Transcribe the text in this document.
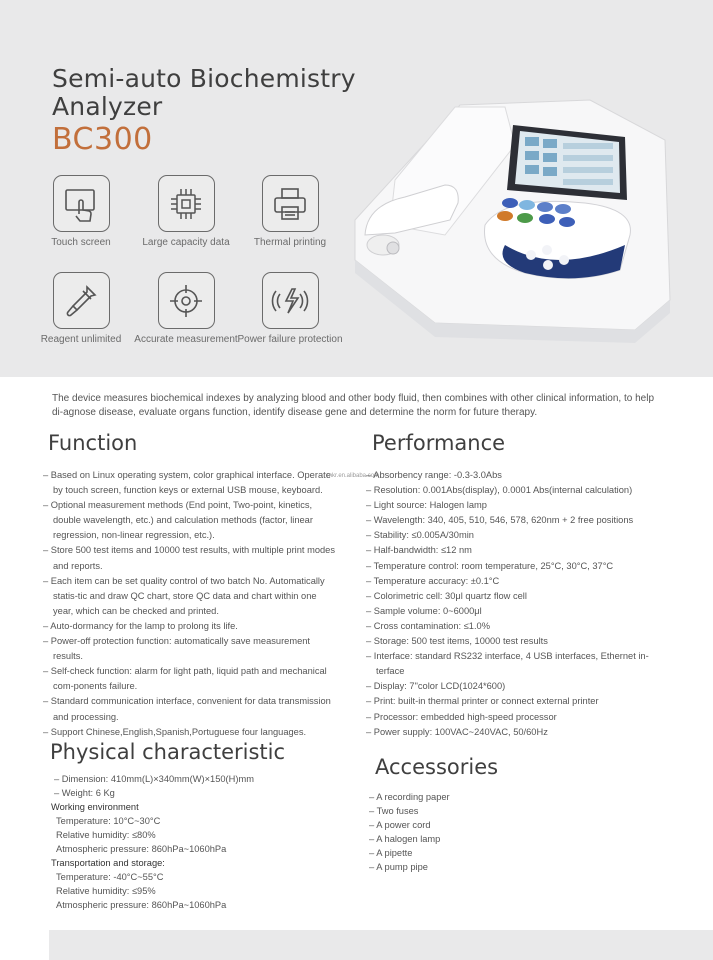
Semi-auto Biochemistry
Analyzer
BC300
Touch screen	Large capacity data	Thermal printing
Reagent unlimited	Accurate measurement Power failure protection
The device measures biochemical indexes by analyzing blood and other body fluid, then combines with other clinical information, to help di-agnose disease, evaluate organs function, identify disease gene and determine the norm for future therapy.
Function
– Based on Linux operating system, color graphical interface. Operate by touch screen, function keys or external USB mouse, keyboard.
– Optional measurement methods (End point, Two-point, kinetics, double wavelength, etc.) and calculation methods (factor, linear regression, non-linear regression, etc.).
– Store 500 test items and 10000 test results, with multiple print modes and reports.
– Each item can be set quality control of two batch No. Automatically statis-tic and draw QC chart, store QC data and chart within one year, which can be checked and printed.
– Auto-dormancy for the lamp to prolong its life.
– Power-off protection function: automatically save measurement results.
– Self-check function: alarm for light path, liquid path and mechanical com-ponents failure.
– Standard communication interface, convenient for data transmission and processing.
– Support Chinese,English,Spanish,Portuguese four languages.
mkr.en.alibaba.com
Performance
– Absorbency range: -0.3-3.0Abs
– Resolution: 0.001Abs(display), 0.0001 Abs(internal calculation)
– Light source: Halogen lamp
– Wavelength: 340, 405, 510, 546, 578, 620nm + 2 free positions
– Stability: ≤0.005A/30min
– Half-bandwidth: ≤12 nm
– Temperature control: room temperature, 25°C, 30°C, 37°C
– Temperature accuracy: ±0.1°C
– Colorimetric cell: 30μl quartz flow cell
– Sample volume: 0~6000μl
– Cross contamination: ≤1.0%
– Storage: 500 test items, 10000 test results
– Interface: standard RS232 interface, 4 USB interfaces, Ethernet in-terface
– Display: 7"color LCD(1024*600)
– Print: built-in thermal printer or connect external printer
– Processor: embedded high-speed processor
– Power supply: 100VAC~240VAC, 50/60Hz
Physical characteristic
– Dimension: 410mm(L)×340mm(W)×150(H)mm
– Weight: 6 Kg
Working environment
Temperature: 10°C~30°C
Relative humidity: ≤80%
Atmospheric pressure: 860hPa~1060hPa
Transportation and storage:
Temperature: -40°C~55°C
Relative humidity: ≤95%
Atmospheric pressure: 860hPa~1060hPa
Accessories
– A recording paper
– Two fuses
– A power cord
– A halogen lamp
– A pipette
– A pump pipe
